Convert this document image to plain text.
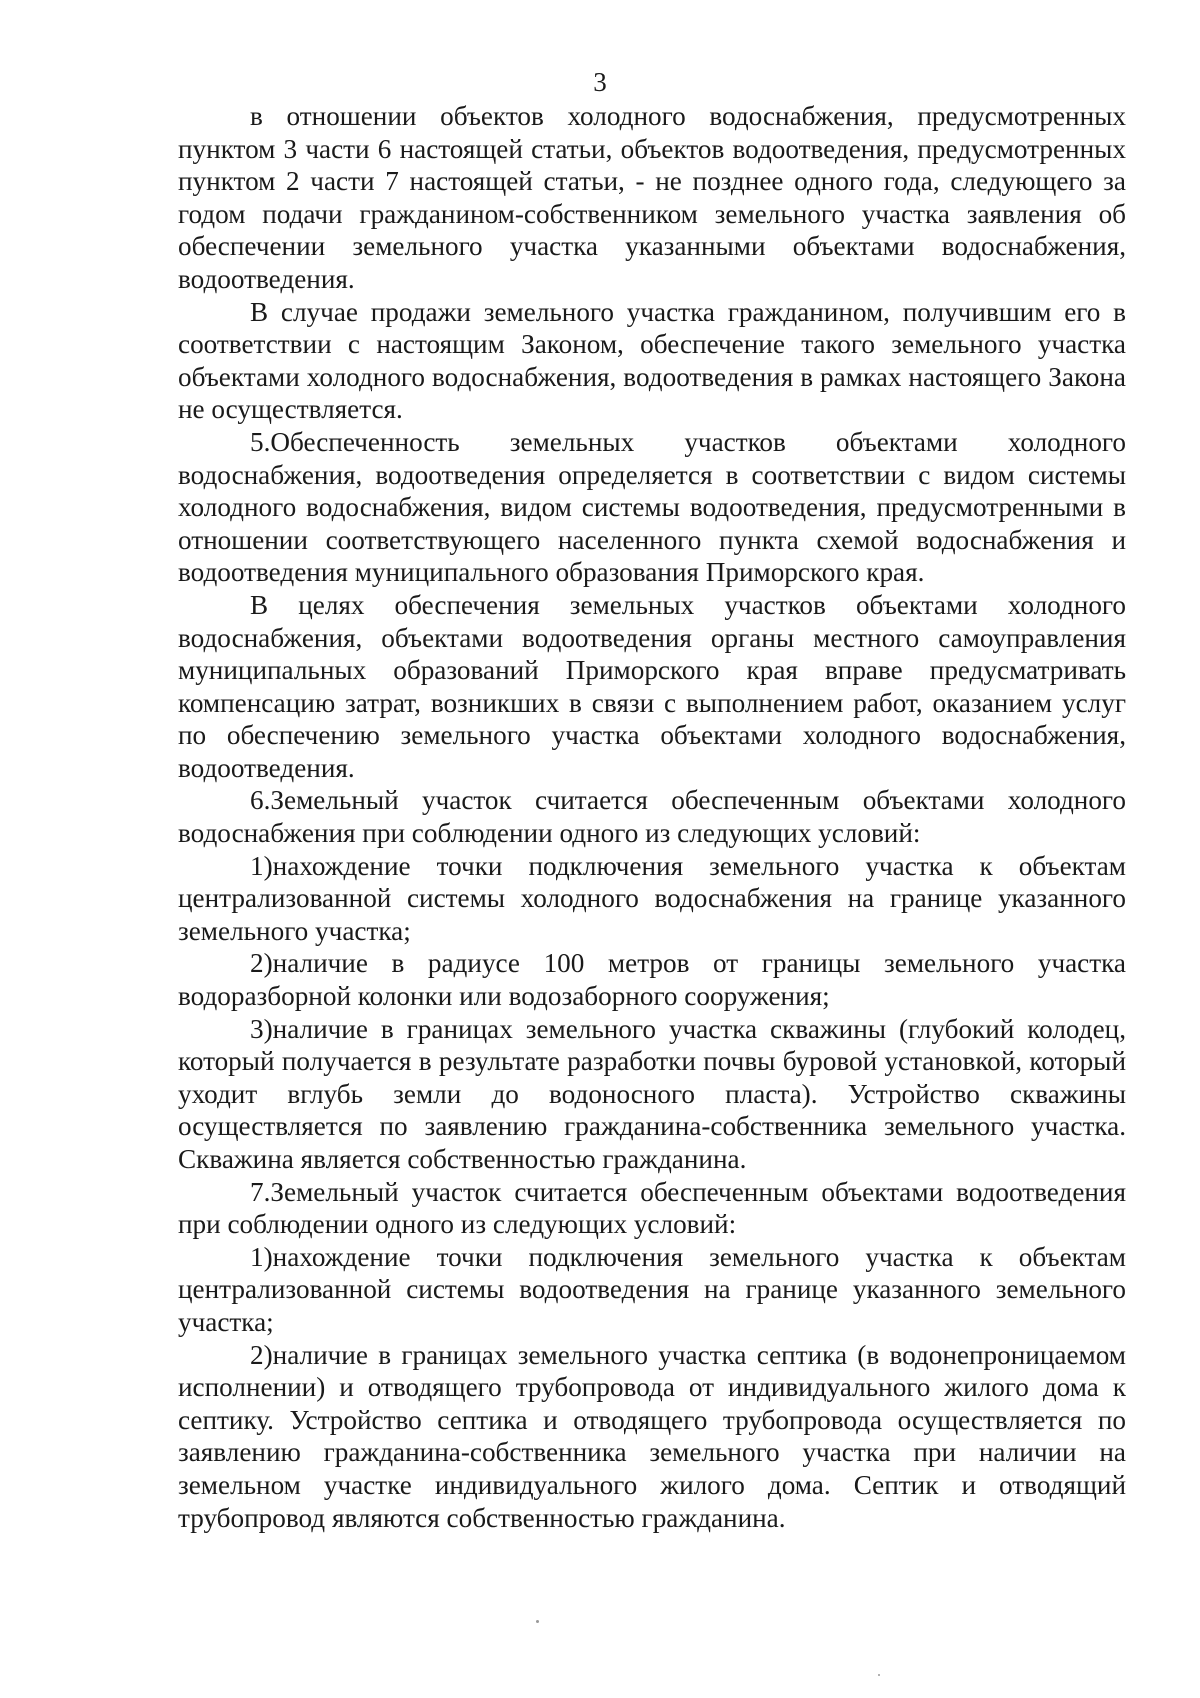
3

в отношении объектов холодного водоснабжения, предусмотренных пунктом 3 части 6 настоящей статьи, объектов водоотведения, предусмотренных пунктом 2 части 7 настоящей статьи, - не позднее одного года, следующего за годом подачи гражданином-собственником земельного участка заявления об обеспечении земельного участка указанными объектами водоснабжения, водоотведения.

В случае продажи земельного участка гражданином, получившим его в соответствии с настоящим Законом, обеспечение такого земельного участка объектами холодного водоснабжения, водоотведения в рамках настоящего Закона не осуществляется.

5.Обеспеченность земельных участков объектами холодного водоснабжения, водоотведения определяется в соответствии с видом системы холодного водоснабжения, видом системы водоотведения, предусмотренными в отношении соответствующего населенного пункта схемой водоснабжения и водоотведения муниципального образования Приморского края.

В целях обеспечения земельных участков объектами холодного водоснабжения, объектами водоотведения органы местного самоуправления муниципальных образований Приморского края вправе предусматривать компенсацию затрат, возникших в связи с выполнением работ, оказанием услуг по обеспечению земельного участка объектами холодного водоснабжения, водоотведения.

6.Земельный участок считается обеспеченным объектами холодного водоснабжения при соблюдении одного из следующих условий:

1)нахождение точки подключения земельного участка к объектам централизованной системы холодного водоснабжения на границе указанного земельного участка;

2)наличие в радиусе 100 метров от границы земельного участка водоразборной колонки или водозаборного сооружения;

3)наличие в границах земельного участка скважины (глубокий колодец, который получается в результате разработки почвы буровой установкой, который уходит вглубь земли до водоносного пласта). Устройство скважины осуществляется по заявлению гражданина-собственника земельного участка. Скважина является собственностью гражданина.

7.Земельный участок считается обеспеченным объектами водоотведения при соблюдении одного из следующих условий:

1)нахождение точки подключения земельного участка к объектам централизованной системы водоотведения на границе указанного земельного участка;

2)наличие в границах земельного участка септика (в водонепроницаемом исполнении) и отводящего трубопровода от индивидуального жилого дома к септику. Устройство септика и отводящего трубопровода осуществляется по заявлению гражданина-собственника земельного участка при наличии на земельном участке индивидуального жилого дома. Септик и отводящий трубопровод являются собственностью гражданина.
